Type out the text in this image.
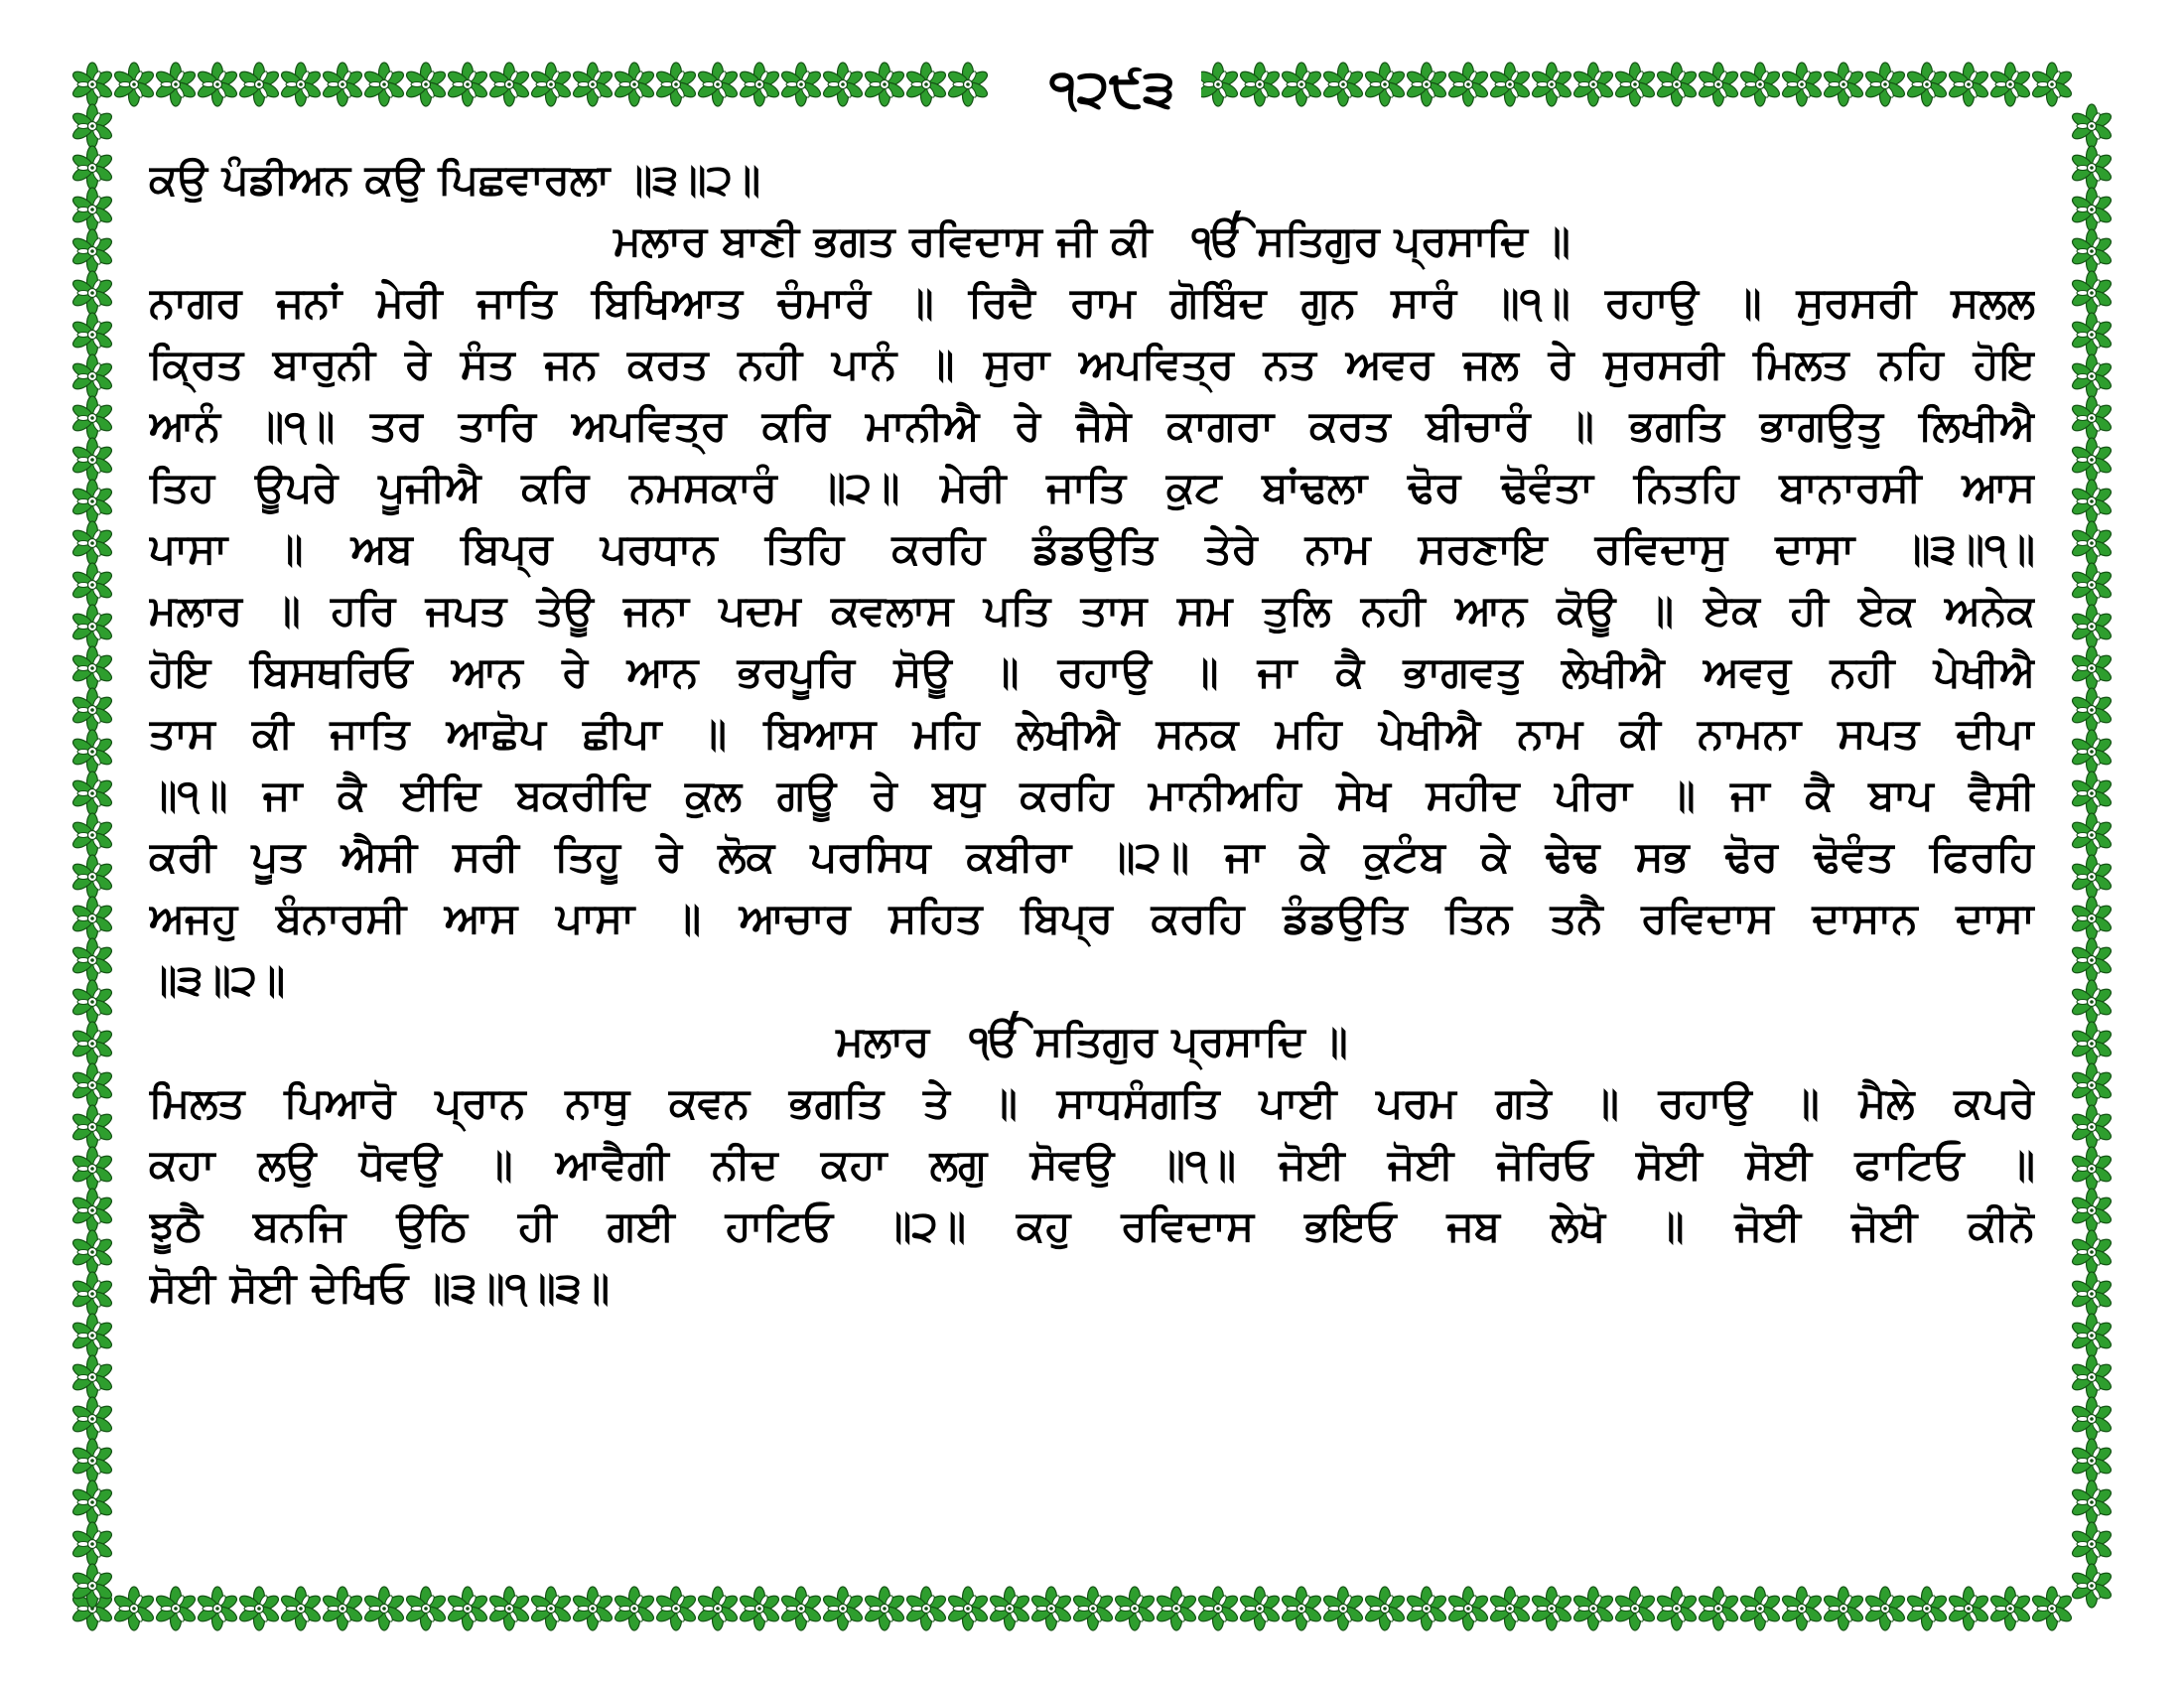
੧੨੯੩
ਕਉ ਪੰਡੀਅਨ ਕਉ ਪਿਛਵਾਰਲਾ ॥੩॥੨॥
ਮਲਾਰ ਬਾਣੀ ਭਗਤ ਰਵਿਦਾਸ ਜੀ ਕੀ ੴ ਸਤਿਗੁਰ ਪ੍ਰਸਾਦਿ ॥
ਨਾਗਰ ਜਨਾਂ ਮੇਰੀ ਜਾਤਿ ਬਿਖਿਆਤ ਚੰਮਾਰੰ ॥ ਰਿਦੈ ਰਾਮ ਗੋਬਿੰਦ ਗੁਨ ਸਾਰੰ ॥੧॥ ਰਹਾਉ ॥ ਸੁਰਸਰੀ ਸਲਲ
ਕ੍ਰਿਤ ਬਾਰੁਨੀ ਰੇ ਸੰਤ ਜਨ ਕਰਤ ਨਹੀ ਪਾਨੰ ॥ ਸੁਰਾ ਅਪਵਿਤ੍ਰ ਨਤ ਅਵਰ ਜਲ ਰੇ ਸੁਰਸਰੀ ਮਿਲਤ ਨਹਿ ਹੋਇ
ਆਨੰ ॥੧॥ ਤਰ ਤਾਰਿ ਅਪਵਿਤ੍ਰ ਕਰਿ ਮਾਨੀਐ ਰੇ ਜੈਸੇ ਕਾਗਰਾ ਕਰਤ ਬੀਚਾਰੰ ॥ ਭਗਤਿ ਭਾਗਉਤੁ ਲਿਖੀਐ
ਤਿਹ ਊਪਰੇ ਪੂਜੀਐ ਕਰਿ ਨਮਸਕਾਰੰ ॥੨॥ ਮੇਰੀ ਜਾਤਿ ਕੁਟ ਬਾਂਢਲਾ ਢੋਰ ਢੋਵੰਤਾ ਨਿਤਹਿ ਬਾਨਾਰਸੀ ਆਸ
ਪਾਸਾ ॥ ਅਬ ਬਿਪ੍ਰ ਪਰਧਾਨ ਤਿਹਿ ਕਰਹਿ ਡੰਡਉਤਿ ਤੇਰੇ ਨਾਮ ਸਰਣਾਇ ਰਵਿਦਾਸੁ ਦਾਸਾ ॥੩॥੧॥
ਮਲਾਰ ॥ ਹਰਿ ਜਪਤ ਤੇਊ ਜਨਾ ਪਦਮ ਕਵਲਾਸ ਪਤਿ ਤਾਸ ਸਮ ਤੁਲਿ ਨਹੀ ਆਨ ਕੋਊ ॥ ਏਕ ਹੀ ਏਕ ਅਨੇਕ
ਹੋਇ ਬਿਸਥਰਿਓ ਆਨ ਰੇ ਆਨ ਭਰਪੂਰਿ ਸੋਊ ॥ ਰਹਾਉ ॥ ਜਾ ਕੈ ਭਾਗਵਤੁ ਲੇਖੀਐ ਅਵਰੁ ਨਹੀ ਪੇਖੀਐ
ਤਾਸ ਕੀ ਜਾਤਿ ਆਛੋਪ ਛੀਪਾ ॥ ਬਿਆਸ ਮਹਿ ਲੇਖੀਐ ਸਨਕ ਮਹਿ ਪੇਖੀਐ ਨਾਮ ਕੀ ਨਾਮਨਾ ਸਪਤ ਦੀਪਾ
॥੧॥ ਜਾ ਕੈ ਈਦਿ ਬਕਰੀਦਿ ਕੁਲ ਗਊ ਰੇ ਬਧੁ ਕਰਹਿ ਮਾਨੀਅਹਿ ਸੇਖ ਸਹੀਦ ਪੀਰਾ ॥ ਜਾ ਕੈ ਬਾਪ ਵੈਸੀ
ਕਰੀ ਪੂਤ ਐਸੀ ਸਰੀ ਤਿਹੂ ਰੇ ਲੋਕ ਪਰਸਿਧ ਕਬੀਰਾ ॥੨॥ ਜਾ ਕੇ ਕੁਟੰਬ ਕੇ ਢੇਢ ਸਭ ਢੋਰ ਢੋਵੰਤ ਫਿਰਹਿ
ਅਜਹੁ ਬੰਨਾਰਸੀ ਆਸ ਪਾਸਾ ॥ ਆਚਾਰ ਸਹਿਤ ਬਿਪ੍ਰ ਕਰਹਿ ਡੰਡਉਤਿ ਤਿਨ ਤਨੈ ਰਵਿਦਾਸ ਦਾਸਾਨ ਦਾਸਾ
॥੩॥੨॥
ਮਲਾਰ ੴ ਸਤਿਗੁਰ ਪ੍ਰਸਾਦਿ ॥
ਮਿਲਤ ਪਿਆਰੋ ਪ੍ਰਾਨ ਨਾਥੁ ਕਵਨ ਭਗਤਿ ਤੇ ॥ ਸਾਧਸੰਗਤਿ ਪਾਈ ਪਰਮ ਗਤੇ ॥ ਰਹਾਉ ॥ ਮੈਲੇ ਕਪਰੇ
ਕਹਾ ਲਉ ਧੋਵਉ ॥ ਆਵੈਗੀ ਨੀਦ ਕਹਾ ਲਗੁ ਸੋਵਉ ॥੧॥ ਜੋਈ ਜੋਈ ਜੋਰਿਓ ਸੋਈ ਸੋਈ ਫਾਟਿਓ ॥
ਝੂਠੈ ਬਨਜਿ ਉਠਿ ਹੀ ਗਈ ਹਾਟਿਓ ॥੨॥ ਕਹੁ ਰਵਿਦਾਸ ਭਇਓ ਜਬ ਲੇਖੋ ॥ ਜੋਈ ਜੋਈ ਕੀਨੋ
ਸੋਈ ਸੋਈ ਦੇਖਿਓ ॥੩॥੧॥੩॥
